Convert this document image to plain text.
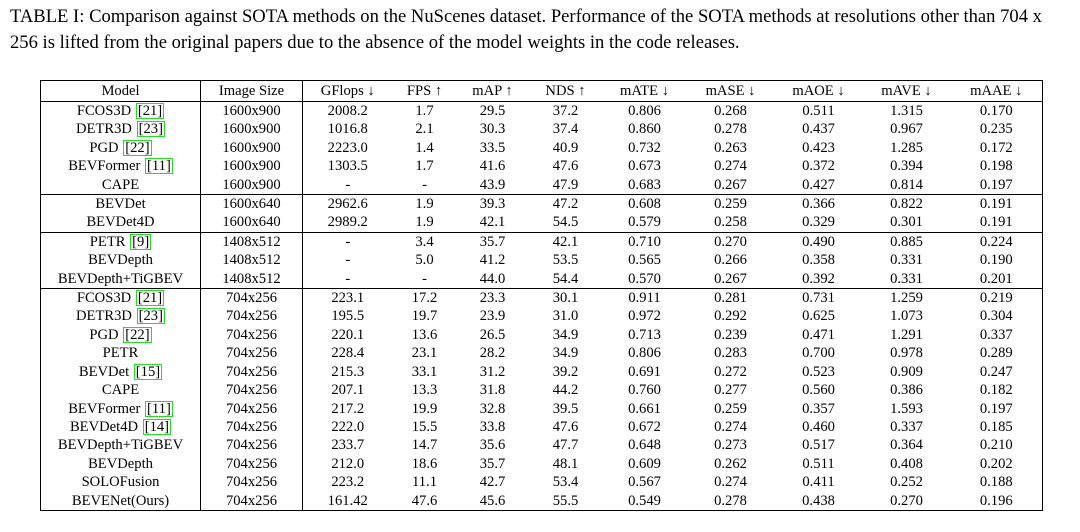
TABLE I: Comparison against SOTA methods on the NuScenes dataset. Performance of the SOTA methods at resolutions other than 704 x 256 is lifted from the original papers due to the absence of the model weights in the code releases.
Model	Image Size	GFlops ↓	FPS ↑	mAP ↑	NDS ↑	mATE ↓	mASE ↓	mAOE ↓	mAVE ↓	mAAE ↓
FCOS3D [21]	1600x900	2008.2	1.7	29.5	37.2	0.806	0.268	0.511	1.315	0.170
DETR3D [23]	1600x900	1016.8	2.1	30.3	37.4	0.860	0.278	0.437	0.967	0.235
PGD [22]	1600x900	2223.0	1.4	33.5	40.9	0.732	0.263	0.423	1.285	0.172
BEVFormer [11]	1600x900	1303.5	1.7	41.6	47.6	0.673	0.274	0.372	0.394	0.198
CAPE	1600x900	-	-	43.9	47.9	0.683	0.267	0.427	0.814	0.197
BEVDet	1600x640	2962.6	1.9	39.3	47.2	0.608	0.259	0.366	0.822	0.191
BEVDet4D	1600x640	2989.2	1.9	42.1	54.5	0.579	0.258	0.329	0.301	0.191
PETR [9]	1408x512	-	3.4	35.7	42.1	0.710	0.270	0.490	0.885	0.224
BEVDepth	1408x512	-	5.0	41.2	53.5	0.565	0.266	0.358	0.331	0.190
BEVDepth+TiGBEV	1408x512	-	-	44.0	54.4	0.570	0.267	0.392	0.331	0.201
FCOS3D [21]	704x256	223.1	17.2	23.3	30.1	0.911	0.281	0.731	1.259	0.219
DETR3D [23]	704x256	195.5	19.7	23.9	31.0	0.972	0.292	0.625	1.073	0.304
PGD [22]	704x256	220.1	13.6	26.5	34.9	0.713	0.239	0.471	1.291	0.337
PETR	704x256	228.4	23.1	28.2	34.9	0.806	0.283	0.700	0.978	0.289
BEVDet [15]	704x256	215.3	33.1	31.2	39.2	0.691	0.272	0.523	0.909	0.247
CAPE	704x256	207.1	13.3	31.8	44.2	0.760	0.277	0.560	0.386	0.182
BEVFormer [11]	704x256	217.2	19.9	32.8	39.5	0.661	0.259	0.357	1.593	0.197
BEVDet4D [14]	704x256	222.0	15.5	33.8	47.6	0.672	0.274	0.460	0.337	0.185
BEVDepth+TiGBEV	704x256	233.7	14.7	35.6	47.7	0.648	0.273	0.517	0.364	0.210
BEVDepth	704x256	212.0	18.6	35.7	48.1	0.609	0.262	0.511	0.408	0.202
SOLOFusion	704x256	223.2	11.1	42.7	53.4	0.567	0.274	0.411	0.252	0.188
BEVENet(Ours)	704x256	161.42	47.6	45.6	55.5	0.549	0.278	0.438	0.270	0.196
